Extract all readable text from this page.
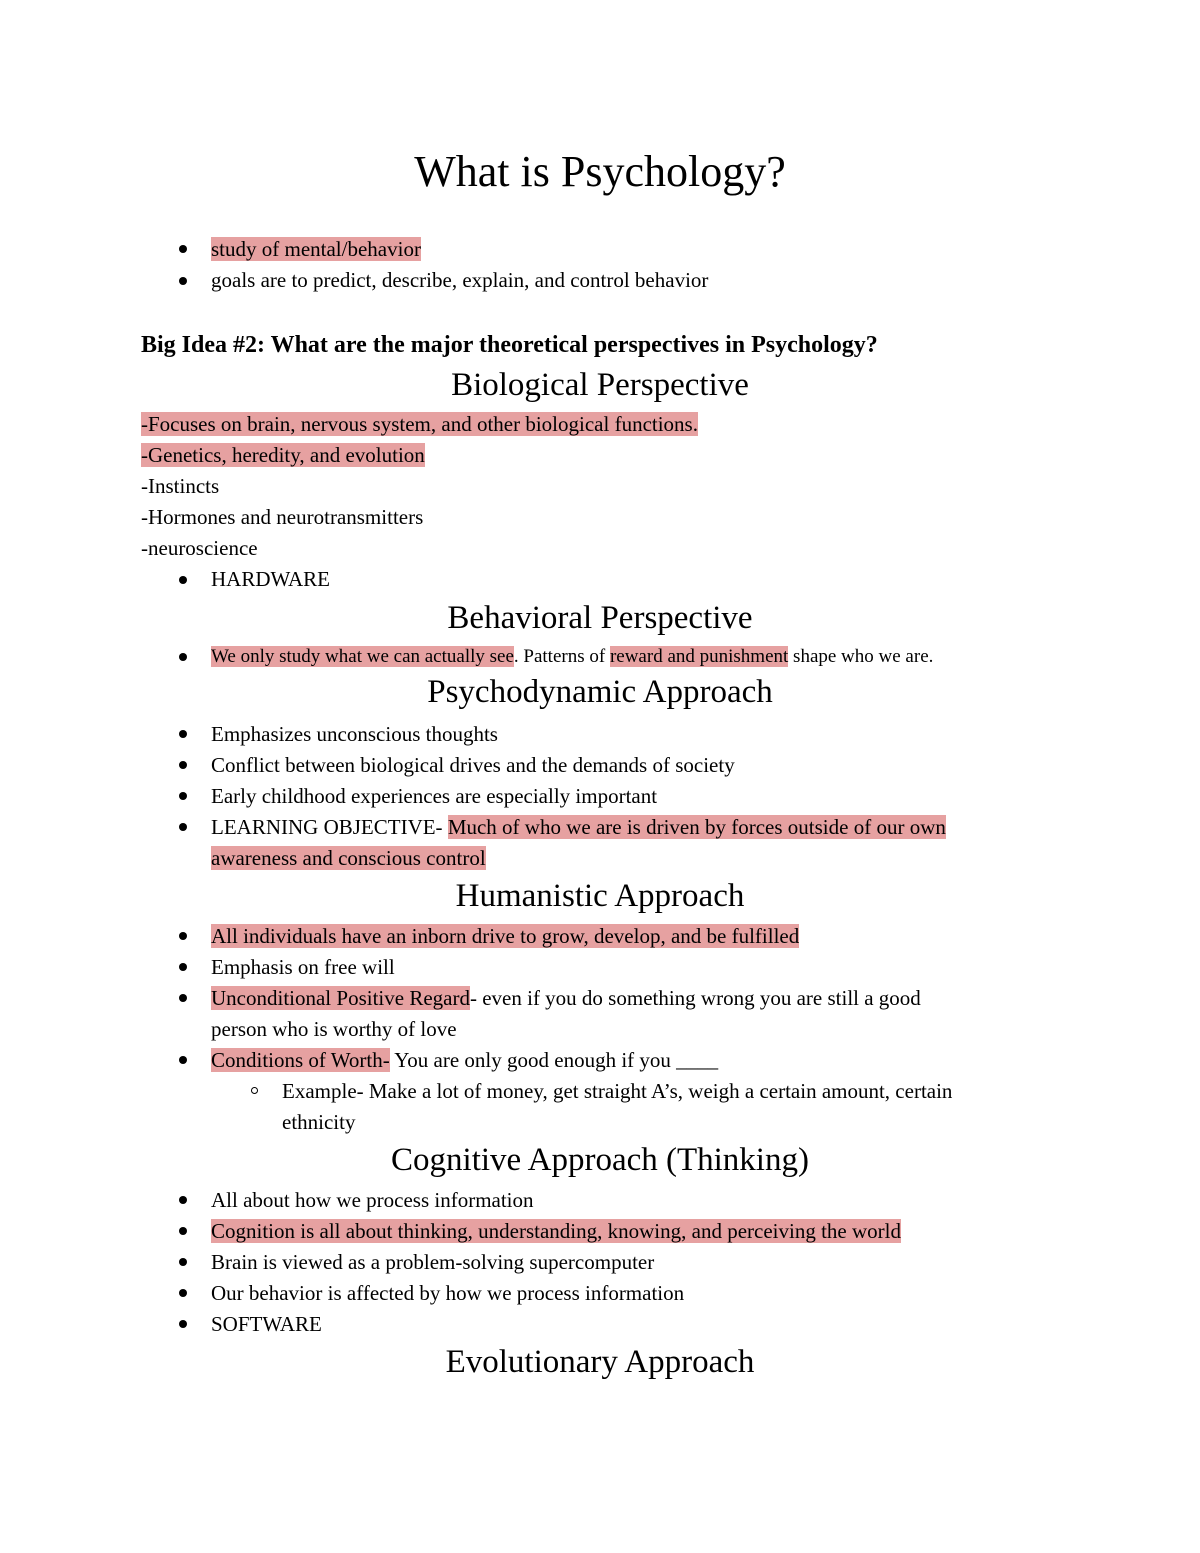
What is Psychology?
study of mental/behavior
goals are to predict, describe, explain, and control behavior
Big Idea #2: What are the major theoretical perspectives in Psychology?
Biological Perspective
-Focuses on brain, nervous system, and other biological functions.
-Genetics, heredity, and evolution
-Instincts
-Hormones and neurotransmitters
-neuroscience
HARDWARE
Behavioral Perspective
We only study what we can actually see. Patterns of reward and punishment shape who we are.
Psychodynamic Approach
Emphasizes unconscious thoughts
Conflict between biological drives and the demands of society
Early childhood experiences are especially important
LEARNING OBJECTIVE- Much of who we are is driven by forces outside of our own
awareness and conscious control
Humanistic Approach
All individuals have an inborn drive to grow, develop, and be fulfilled
Emphasis on free will
Unconditional Positive Regard- even if you do something wrong you are still a good
person who is worthy of love
Conditions of Worth- You are only good enough if you ____
Example- Make a lot of money, get straight A’s, weigh a certain amount, certain
ethnicity
Cognitive Approach (Thinking)
All about how we process information
Cognition is all about thinking, understanding, knowing, and perceiving the world
Brain is viewed as a problem-solving supercomputer
Our behavior is affected by how we process information
SOFTWARE
Evolutionary Approach
